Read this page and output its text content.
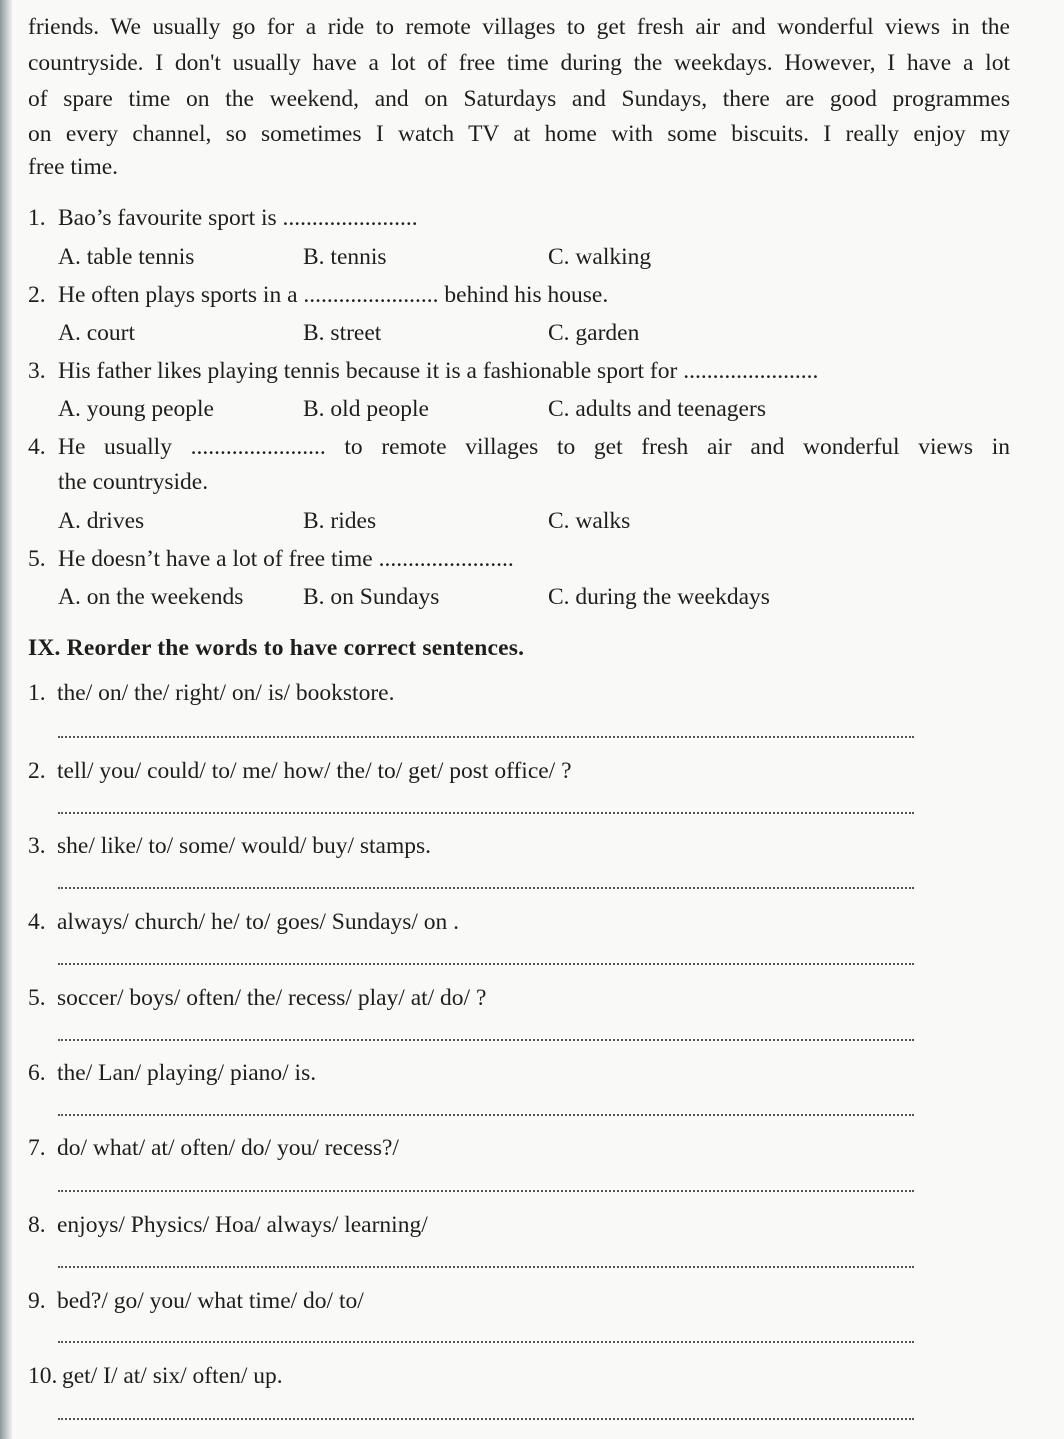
friends. We usually go for a ride to remote villages to get fresh air and wonderful views in the
countryside. I don't usually have a lot of free time during the weekdays. However, I have a lot
of spare time on the weekend, and on Saturdays and Sundays, there are good programmes
on every channel, so sometimes I watch TV at home with some biscuits. I really enjoy my
free time.
1. Bao’s favourite sport is .......................
A. table tennis	B. tennis	C. walking
2. He often plays sports in a ....................... behind his house.
A. court	B. street	C. garden
3. His father likes playing tennis because it is a fashionable sport for .......................
A. young people	B. old people	C. adults and teenagers
4. He usually ....................... to remote villages to get fresh air and wonderful views in
the countryside.
A. drives	B. rides	C. walks
5. He doesn’t have a lot of free time .......................
A. on the weekends	B. on Sundays	C. during the weekdays
IX. Reorder the words to have correct sentences.
1. the/ on/ the/ right/ on/ is/ bookstore.
2. tell/ you/ could/ to/ me/ how/ the/ to/ get/ post office/ ?
3. she/ like/ to/ some/ would/ buy/ stamps.
4. always/ church/ he/ to/ goes/ Sundays/ on .
5. soccer/ boys/ often/ the/ recess/ play/ at/ do/ ?
6. the/ Lan/ playing/ piano/ is.
7. do/ what/ at/ often/ do/ you/ recess?/
8. enjoys/ Physics/ Hoa/ always/ learning/
9. bed?/ go/ you/ what time/ do/ to/
10. get/ I/ at/ six/ often/ up.
